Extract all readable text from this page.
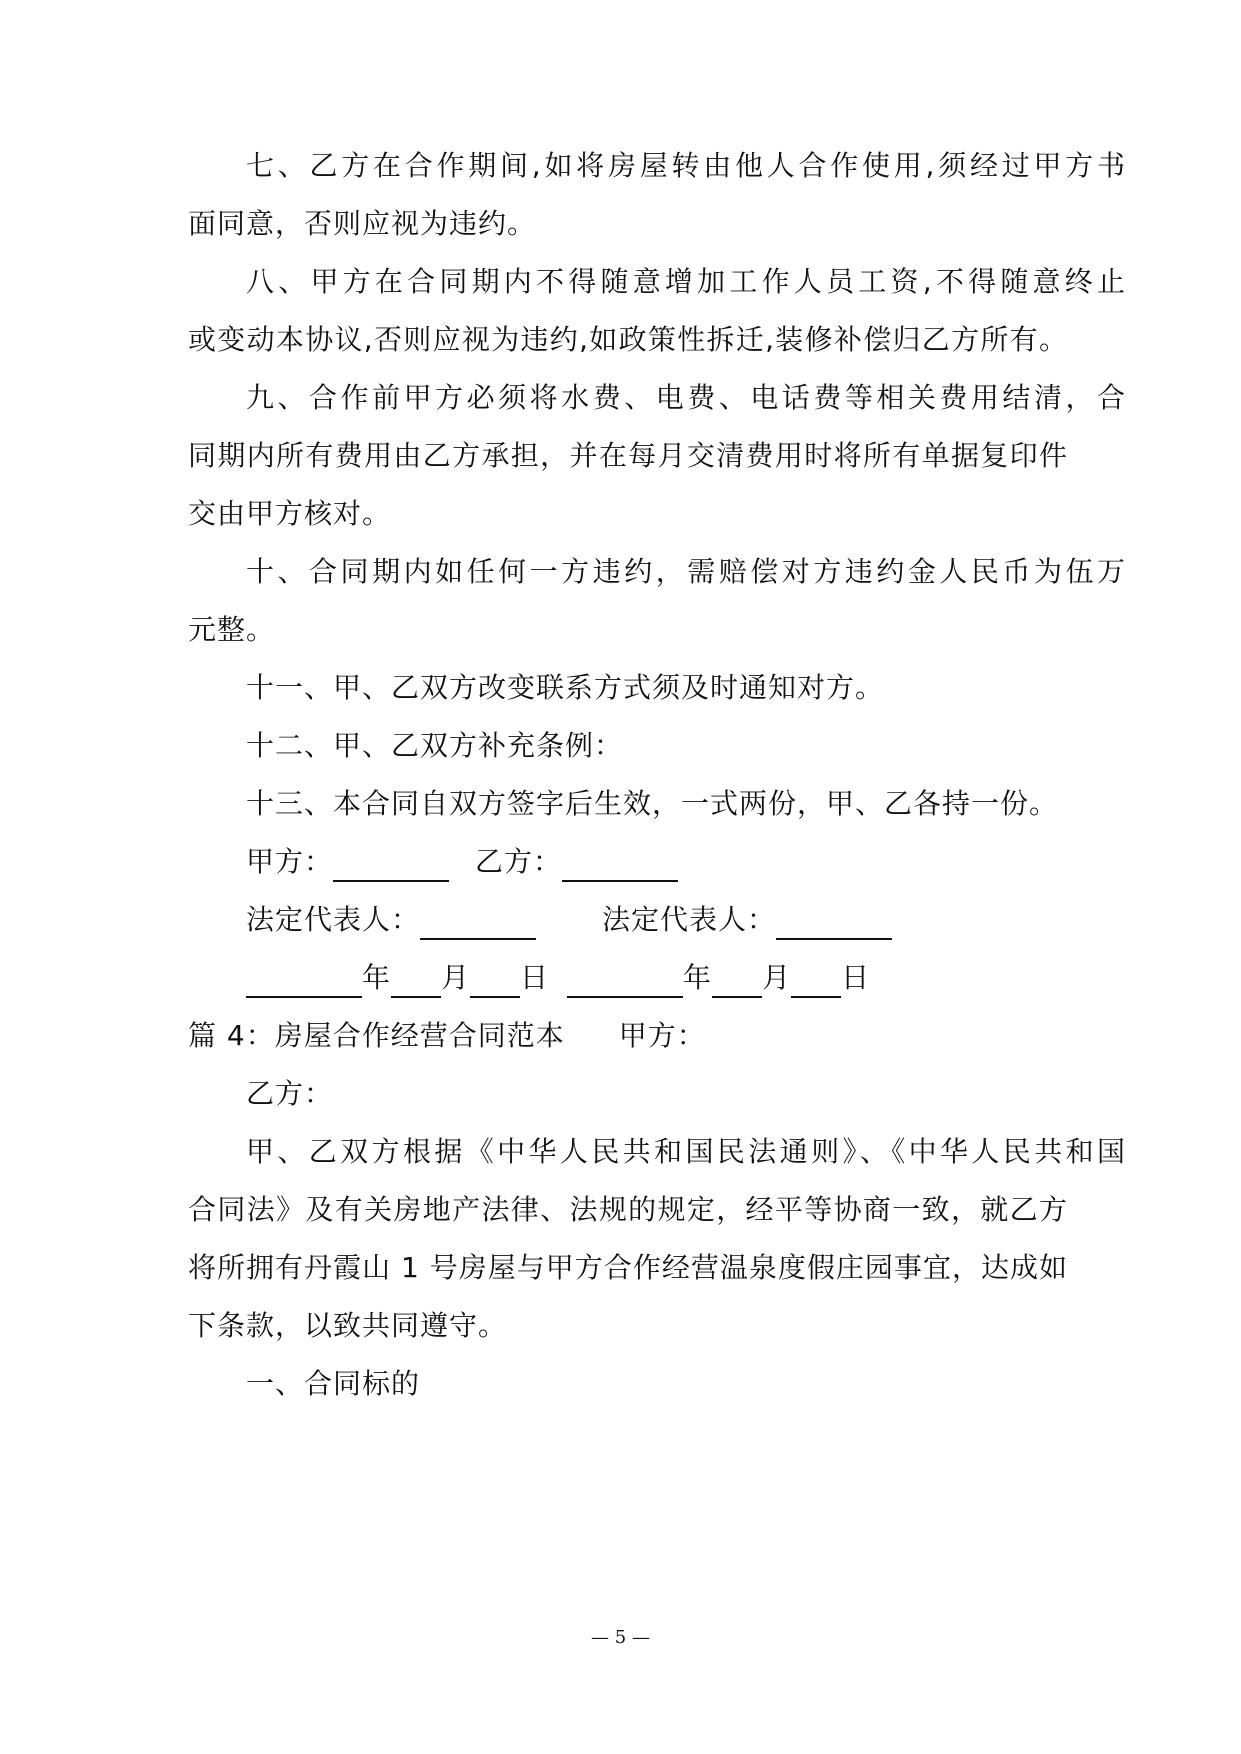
七、乙方在合作期间,如将房屋转由他人合作使用,须经过甲方书
面同意，否则应视为违约。
八、甲方在合同期内不得随意增加工作人员工资,不得随意终止
或变动本协议,否则应视为违约,如政策性拆迁,装修补偿归乙方所有。
九、合作前甲方必须将水费、电费、电话费等相关费用结清，合
同期内所有费用由乙方承担，并在每月交清费用时将所有单据复印件
交由甲方核对。
十、合同期内如任何一方违约，需赔偿对方违约金人民币为伍万
元整。
十一、甲、乙双方改变联系方式须及时通知对方。
十二、甲、乙双方补充条例：
十三、本合同自双方签字后生效，一式两份，甲、乙各持一份。
甲方：	乙方：
法定代表人：	法定代表人：
年 月 日	年 月 日
篇 4：房屋合作经营合同范本 甲方：
乙方：
甲、乙双方根据《中华人民共和国民法通则》、《中华人民共和国
合同法》及有关房地产法律、法规的规定，经平等协商一致，就乙方
将所拥有丹霞山 1 号房屋与甲方合作经营温泉度假庄园事宜，达成如
下条款，以致共同遵守。
一、合同标的
— 5 —
